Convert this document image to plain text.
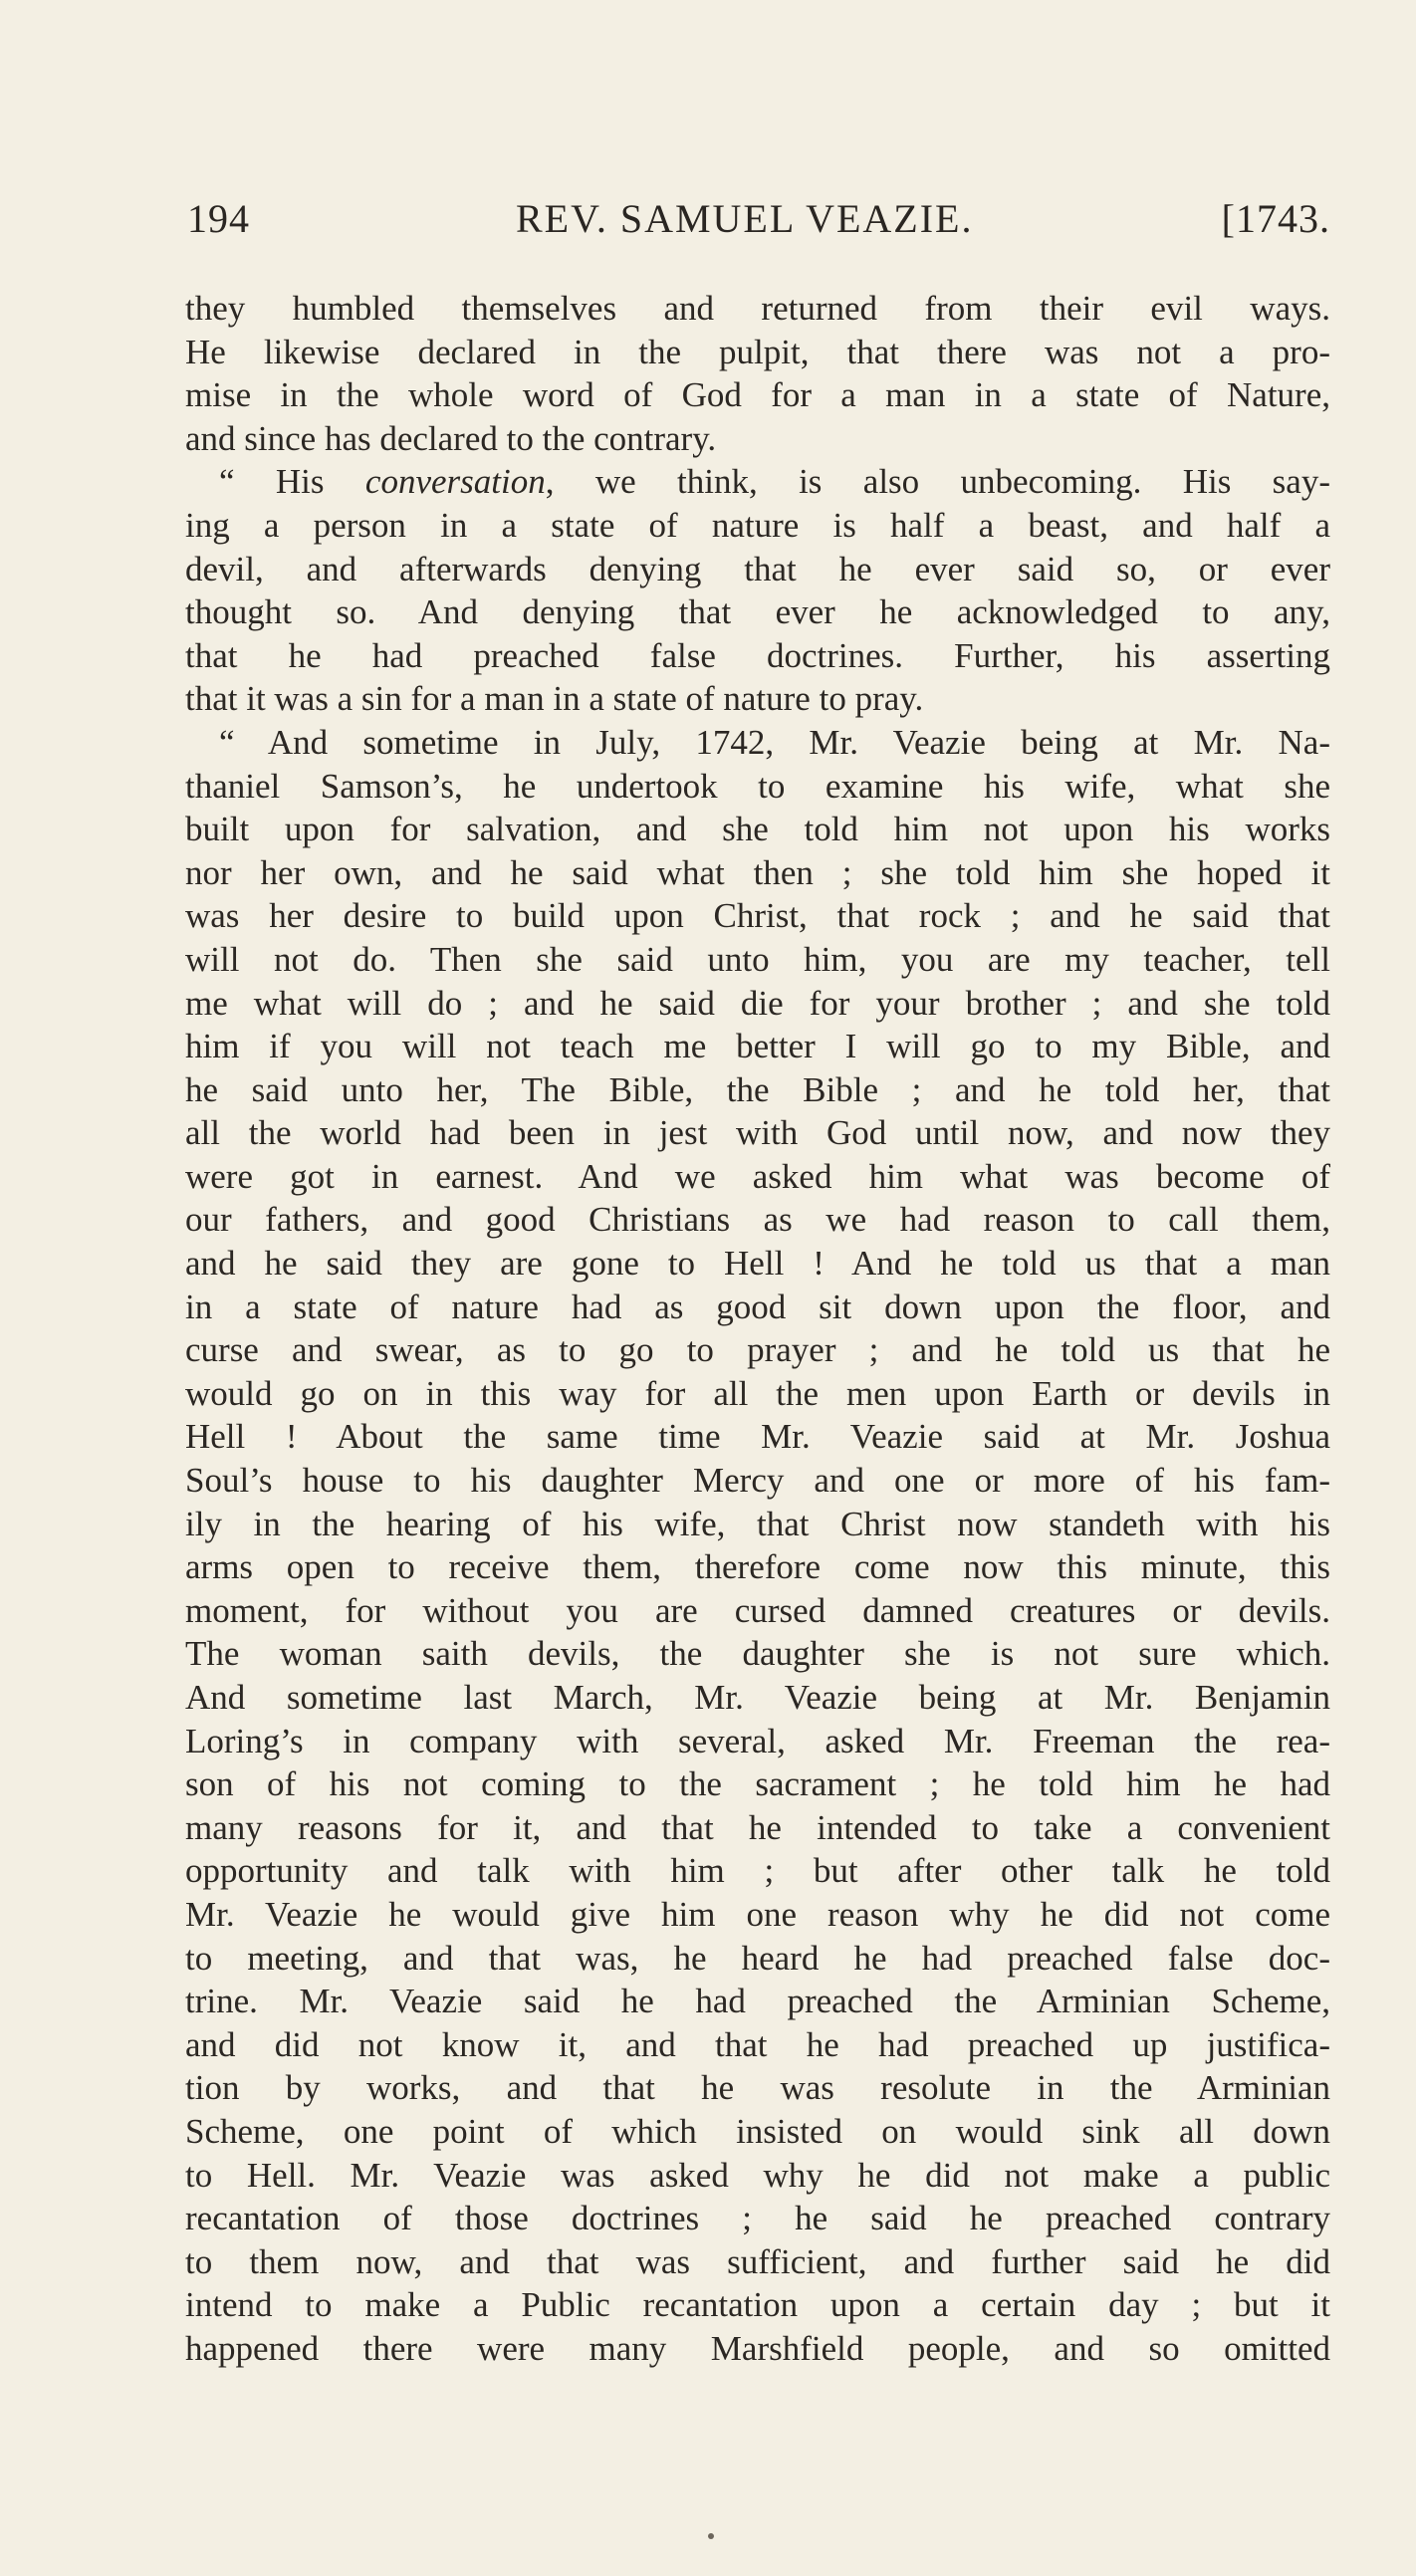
194	REV. SAMUEL VEAZIE.	[1743.
they humbled themselves and returned from their evil ways.
He likewise declared in the pulpit, that there was not a pro-
mise in the whole word of God for a man in a state of Nature,
and since has declared to the contrary.
“ His conversation, we think, is also unbecoming. His say-
ing a person in a state of nature is half a beast, and half a
devil, and afterwards denying that he ever said so, or ever
thought so. And denying that ever he acknowledged to any,
that he had preached false doctrines. Further, his asserting
that it was a sin for a man in a state of nature to pray.
“ And sometime in July, 1742, Mr. Veazie being at Mr. Na-
thaniel Samson’s, he undertook to examine his wife, what she
built upon for salvation, and she told him not upon his works
nor her own, and he said what then ; she told him she hoped it
was her desire to build upon Christ, that rock ; and he said that
will not do. Then she said unto him, you are my teacher, tell
me what will do ; and he said die for your brother ; and she told
him if you will not teach me better I will go to my Bible, and
he said unto her, The Bible, the Bible ; and he told her, that
all the world had been in jest with God until now, and now they
were got in earnest. And we asked him what was become of
our fathers, and good Christians as we had reason to call them,
and he said they are gone to Hell ! And he told us that a man
in a state of nature had as good sit down upon the floor, and
curse and swear, as to go to prayer ; and he told us that he
would go on in this way for all the men upon Earth or devils in
Hell ! About the same time Mr. Veazie said at Mr. Joshua
Soul’s house to his daughter Mercy and one or more of his fam-
ily in the hearing of his wife, that Christ now standeth with his
arms open to receive them, therefore come now this minute, this
moment, for without you are cursed damned creatures or devils.
The woman saith devils, the daughter she is not sure which.
And sometime last March, Mr. Veazie being at Mr. Benjamin
Loring’s in company with several, asked Mr. Freeman the rea-
son of his not coming to the sacrament ; he told him he had
many reasons for it, and that he intended to take a convenient
opportunity and talk with him ; but after other talk he told
Mr. Veazie he would give him one reason why he did not come
to meeting, and that was, he heard he had preached false doc-
trine. Mr. Veazie said he had preached the Arminian Scheme,
and did not know it, and that he had preached up justifica-
tion by works, and that he was resolute in the Arminian
Scheme, one point of which insisted on would sink all down
to Hell. Mr. Veazie was asked why he did not make a public
recantation of those doctrines ; he said he preached contrary
to them now, and that was sufficient, and further said he did
intend to make a Public recantation upon a certain day ; but it
happened there were many Marshfield people, and so omitted
